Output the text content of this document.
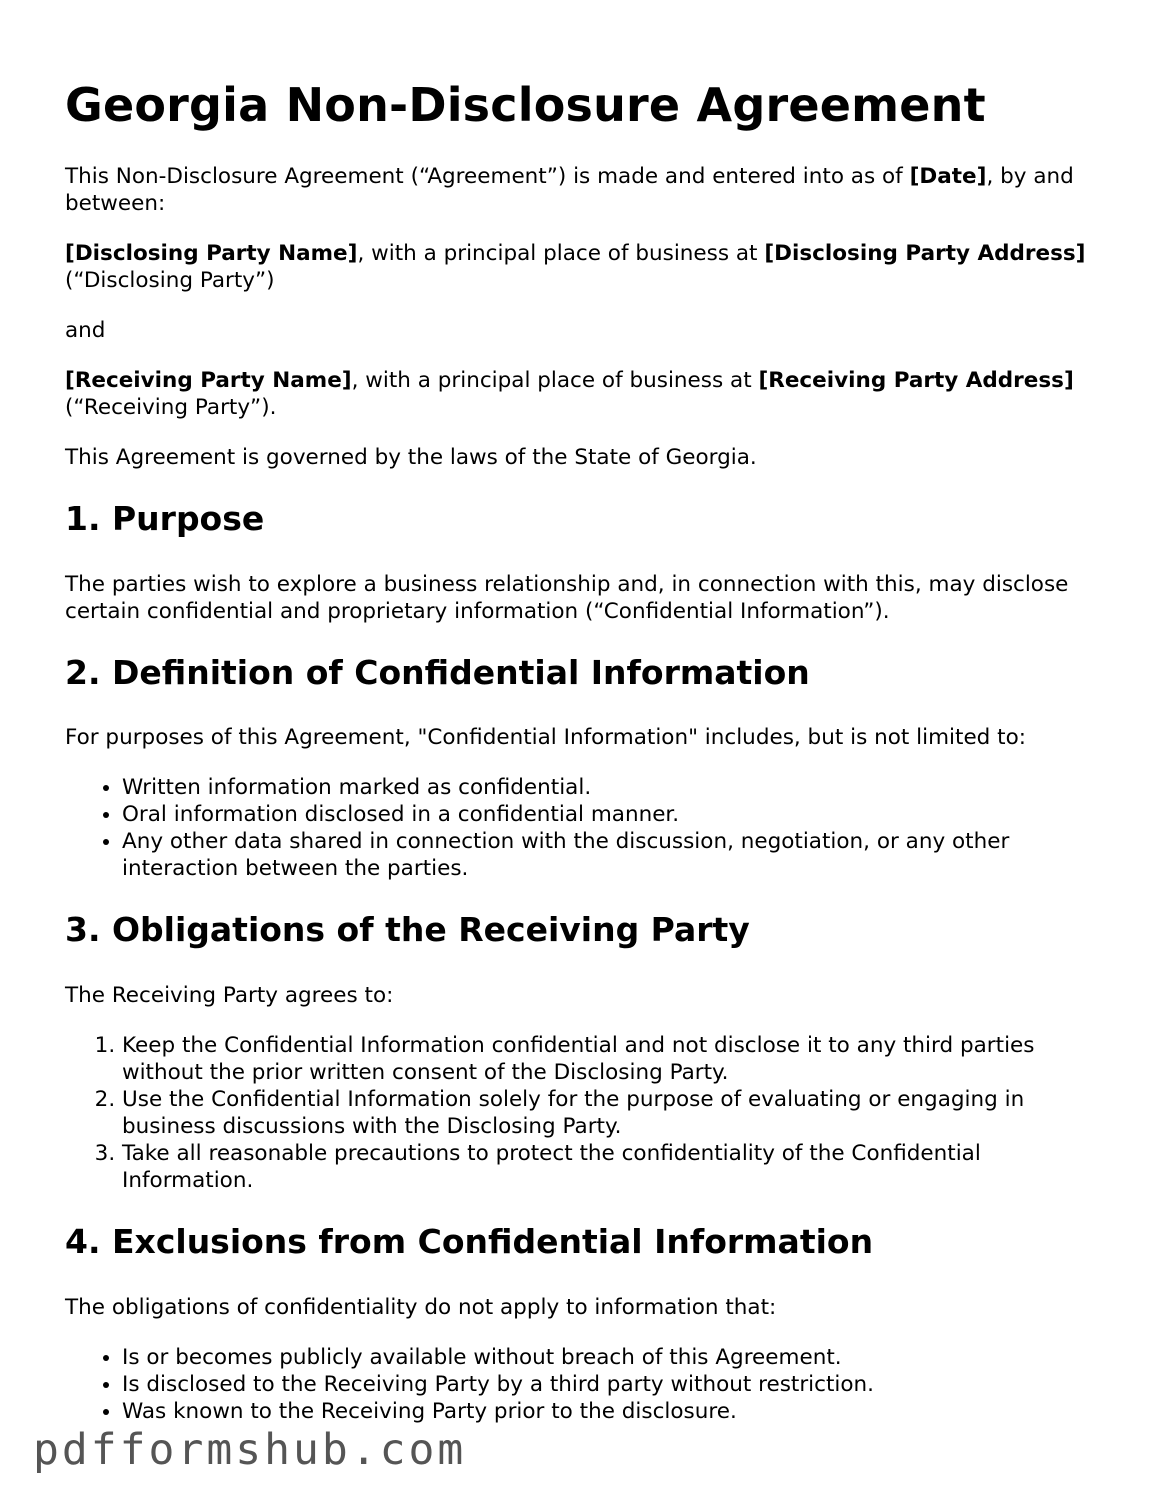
Georgia Non-Disclosure Agreement

This Non-Disclosure Agreement (“Agreement”) is made and entered into as of [Date], by and between:

[Disclosing Party Name], with a principal place of business at [Disclosing Party Address] (“Disclosing Party”)

and

[Receiving Party Name], with a principal place of business at [Receiving Party Address] (“Receiving Party”).

This Agreement is governed by the laws of the State of Georgia.

1. Purpose

The parties wish to explore a business relationship and, in connection with this, may disclose certain confidential and proprietary information (“Confidential Information”).

2. Definition of Confidential Information

For purposes of this Agreement, "Confidential Information" includes, but is not limited to:

• Written information marked as confidential.
• Oral information disclosed in a confidential manner.
• Any other data shared in connection with the discussion, negotiation, or any other interaction between the parties.
3. Obligations of the Receiving Party

The Receiving Party agrees to:

1. Keep the Confidential Information confidential and not disclose it to any third parties without the prior written consent of the Disclosing Party.
2. Use the Confidential Information solely for the purpose of evaluating or engaging in business discussions with the Disclosing Party.
3. Take all reasonable precautions to protect the confidentiality of the Confidential Information.
4. Exclusions from Confidential Information

The obligations of confidentiality do not apply to information that:

• Is or becomes publicly available without breach of this Agreement.
• Is disclosed to the Receiving Party by a third party without restriction.
• Was known to the Receiving Party prior to the disclosure.
pdfformshub.com
